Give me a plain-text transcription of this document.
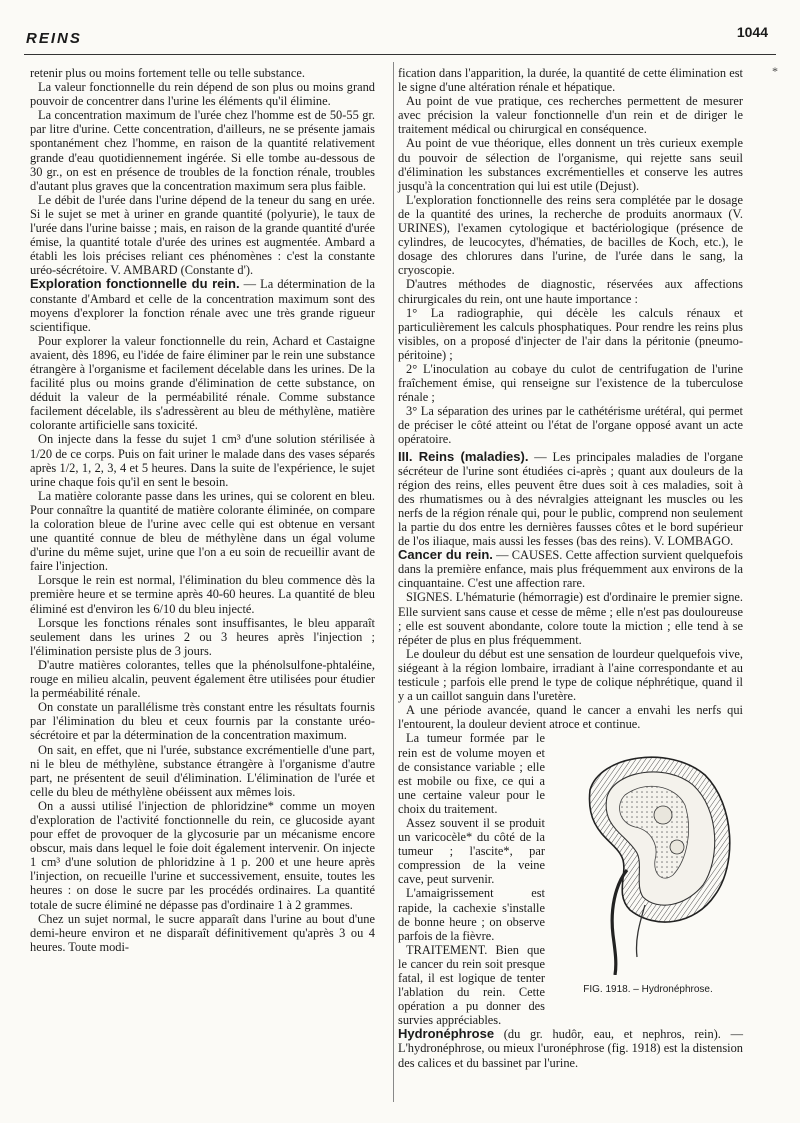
REINS	1044
*

retenir plus ou moins fortement telle ou telle substance.

La valeur fonctionnelle du rein dépend de son plus ou moins grand pouvoir de concentrer dans l'urine les éléments qu'il élimine.

La concentration maximum de l'urée chez l'homme est de 50-55 gr. par litre d'urine. Cette concentration, d'ailleurs, ne se présente jamais spontanément chez l'homme, en raison de la quantité relativement grande d'eau quotidiennement ingérée. Si elle tombe au-dessous de 30 gr., on est en présence de troubles de la fonction rénale, troubles d'autant plus graves que la concentration maximum sera plus faible.

Le débit de l'urée dans l'urine dépend de la teneur du sang en urée. Si le sujet se met à uriner en grande quantité (polyurie), le taux de l'urée dans l'urine baisse ; mais, en raison de la grande quantité d'urée émise, la quantité totale d'urée des urines est augmentée. Ambard a établi les lois précises reliant ces phénomènes : c'est la constante uréo-sécrétoire. V. AMBARD (Constante d').

Exploration fonctionnelle du rein. — La détermination de la constante d'Ambard et celle de la concentration maximum sont des moyens d'explorer la fonction rénale avec une très grande rigueur scientifique.

Pour explorer la valeur fonctionnelle du rein, Achard et Castaigne avaient, dès 1896, eu l'idée de faire éliminer par le rein une substance étrangère à l'organisme et facilement décelable dans les urines. De la facilité plus ou moins grande d'élimination de cette substance, on déduit la valeur de la perméabilité rénale. Comme substance facilement décelable, ils s'adressèrent au bleu de méthylène, matière colorante artificielle sans toxicité.

On injecte dans la fesse du sujet 1 cm³ d'une solution stérilisée à 1/20 de ce corps. Puis on fait uriner le malade dans des vases séparés après 1/2, 1, 2, 3, 4 et 5 heures. Dans la suite de l'expérience, le sujet urine chaque fois qu'il en sent le besoin.

La matière colorante passe dans les urines, qui se colorent en bleu. Pour connaître la quantité de matière colorante éliminée, on compare la coloration bleue de l'urine avec celle qui est obtenue en versant une quantité connue de bleu de méthylène dans un égal volume d'urine du même sujet, urine que l'on a eu soin de recueillir avant de faire l'injection.

Lorsque le rein est normal, l'élimination du bleu commence dès la première heure et se termine après 40-60 heures. La quantité de bleu éliminé est d'environ les 6/10 du bleu injecté.

Lorsque les fonctions rénales sont insuffisantes, le bleu apparaît seulement dans les urines 2 ou 3 heures après l'injection ; l'élimination persiste plus de 3 jours.

D'autre matières colorantes, telles que la phénolsulfone-phtaléine, rouge en milieu alcalin, peuvent également être utilisées pour étudier la perméabilité rénale.

On constate un parallélisme très constant entre les résultats fournis par l'élimination du bleu et ceux fournis par la constante uréo-sécrétoire et par la détermination de la concentration maximum.

On sait, en effet, que ni l'urée, substance excrémentielle d'une part, ni le bleu de méthylène, substance étrangère à l'organisme d'autre part, ne présentent de seuil d'élimination. L'élimination de l'urée et celle du bleu de méthylène obéissent aux mêmes lois.

On a aussi utilisé l'injection de phloridzine* comme un moyen d'exploration de l'activité fonctionnelle du rein, ce glucoside ayant pour effet de provoquer de la glycosurie par un mécanisme encore obscur, mais dans lequel le foie doit également intervenir. On injecte 1 cm³ d'une solution de phloridzine à 1 p. 200 et une heure après l'injection, on recueille l'urine et successivement, ensuite, toutes les heures : on dose le sucre par les procédés ordinaires. La quantité totale de sucre éliminé ne dépasse pas d'ordinaire 1 à 2 grammes.

Chez un sujet normal, le sucre apparaît dans l'urine au bout d'une demi-heure environ et ne disparaît définitivement qu'après 3 ou 4 heures. Toute modi-

fication dans l'apparition, la durée, la quantité de cette élimination est le signe d'une altération rénale et hépatique.

Au point de vue pratique, ces recherches permettent de mesurer avec précision la valeur fonctionnelle d'un rein et de diriger le traitement médical ou chirurgical en conséquence.

Au point de vue théorique, elles donnent un très curieux exemple du pouvoir de sélection de l'organisme, qui rejette sans seuil d'élimination les substances excrémentielles et conserve les autres jusqu'à la concentration qui lui est utile (Dejust).

L'exploration fonctionnelle des reins sera complétée par le dosage de la quantité des urines, la recherche de produits anormaux (V. URINES), l'examen cytologique et bactériologique (présence de cylindres, de leucocytes, d'hématies, de bacilles de Koch, etc.), le dosage des chlorures dans l'urine, de l'urée dans le sang, la cryoscopie.

D'autres méthodes de diagnostic, réservées aux affections chirurgicales du rein, ont une haute importance :

1° La radiographie, qui décèle les calculs rénaux et particulièrement les calculs phosphatiques. Pour rendre les reins plus visibles, on a proposé d'injecter de l'air dans la péritonie (pneumo-péritoine) ;

2° L'inoculation au cobaye du culot de centrifugation de l'urine fraîchement émise, qui renseigne sur l'existence de la tuberculose rénale ;

3° La séparation des urines par le cathétérisme urétéral, qui permet de préciser le côté atteint ou l'état de l'organe opposé avant un acte opératoire.

III. Reins (maladies). — Les principales maladies de l'organe sécréteur de l'urine sont étudiées ci-après ; quant aux douleurs de la région des reins, elles peuvent être dues soit à ces maladies, soit à des rhumatismes ou à des névralgies atteignant les muscles ou les nerfs de la région rénale qui, pour le public, comprend non seulement la partie du dos entre les dernières fausses côtes et le bord supérieur de l'os iliaque, mais aussi les fesses (bas des reins). V. LOMBAGO.

Cancer du rein. — CAUSES. Cette affection survient quelquefois dans la première enfance, mais plus fréquemment aux environs de la cinquantaine. C'est une affection rare.

SIGNES. L'hématurie (hémorragie) est d'ordinaire le premier signe. Elle survient sans cause et cesse de même ; elle n'est pas douloureuse ; elle est souvent abondante, colore toute la miction ; elle tend à se répéter de plus en plus fréquemment.

Le douleur du début est une sensation de lourdeur quelquefois vive, siégeant à la région lombaire, irradiant à l'aine correspondante et au testicule ; parfois elle prend le type de colique néphrétique, quand il y a un caillot sanguin dans l'uretère.

A une période avancée, quand le cancer a envahi les nerfs qui l'entourent, la douleur devient atroce et continue.

FIG. 1918. – Hydronéphrose.

La tumeur formée par le rein est de volume moyen et de consistance variable ; elle est mobile ou fixe, ce qui a une certaine valeur pour le choix du traitement.

Assez souvent il se produit un varicocèle* du côté de la tumeur ; l'ascite*, par compression de la veine cave, peut survenir.

L'amaigrissement est rapide, la cachexie s'installe de bonne heure ; on observe parfois de la fièvre.

TRAITEMENT. Bien que le cancer du rein soit presque fatal, il est logique de tenter l'ablation du rein. Cette opération a pu donner des survies appréciables.

Hydronéphrose (du gr. hudôr, eau, et nephros, rein). — L'hydronéphrose, ou mieux l'uronéphrose (fig. 1918) est la distension des calices et du bassinet par l'urine.
